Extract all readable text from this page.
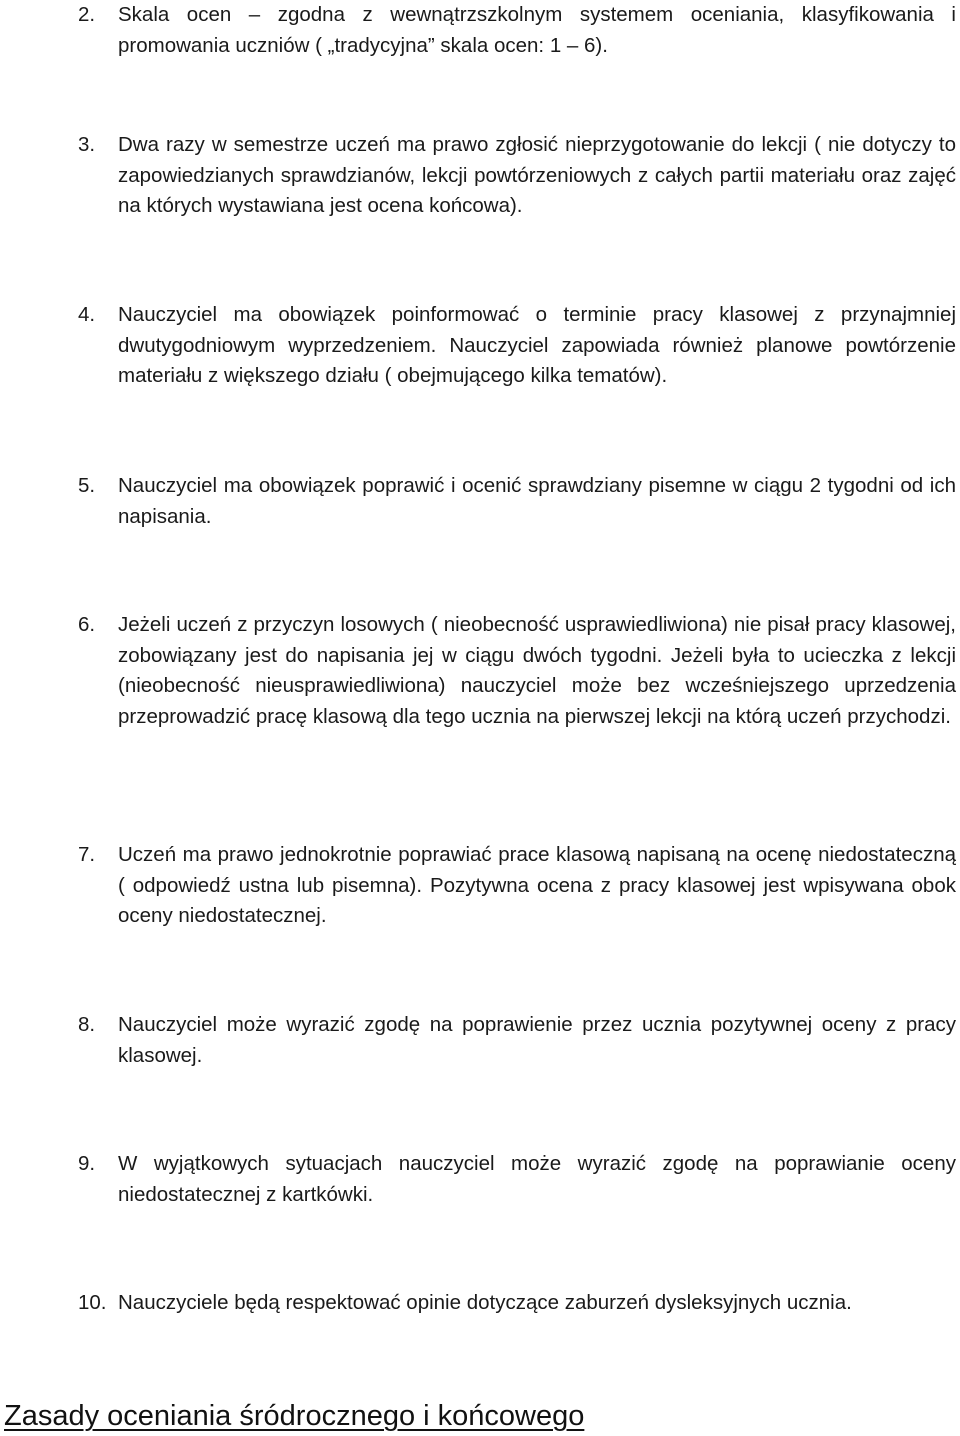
2.	Skala ocen – zgodna z wewnątrzszkolnym systemem oceniania, klasyfikowania i promowania uczniów ( „tradycyjna” skala ocen: 1 – 6).
3.	Dwa razy w semestrze uczeń ma prawo zgłosić nieprzygotowanie do lekcji ( nie dotyczy to zapowiedzianych sprawdzianów, lekcji powtórzeniowych z całych partii materiału oraz zajęć na których wystawiana jest ocena końcowa).
4.	Nauczyciel ma obowiązek poinformować o terminie pracy klasowej z przynajmniej dwutygodniowym wyprzedzeniem. Nauczyciel zapowiada również planowe powtórzenie materiału z większego działu ( obejmującego kilka tematów).
5.	Nauczyciel ma obowiązek poprawić i ocenić sprawdziany pisemne w ciągu 2 tygodni od ich napisania.
6.	Jeżeli uczeń z przyczyn losowych ( nieobecność usprawiedliwiona) nie pisał pracy klasowej, zobowiązany jest do napisania jej w ciągu dwóch tygodni. Jeżeli była to ucieczka z lekcji (nieobecność nieusprawiedliwiona) nauczyciel może bez wcześniejszego uprzedzenia przeprowadzić pracę klasową dla tego ucznia na pierwszej lekcji na którą uczeń przychodzi.
7.	Uczeń ma prawo jednokrotnie poprawiać prace klasową napisaną na ocenę niedostateczną ( odpowiedź ustna lub pisemna). Pozytywna ocena z pracy klasowej jest wpisywana obok oceny niedostatecznej.
8.	Nauczyciel może wyrazić zgodę na poprawienie przez ucznia pozytywnej oceny z pracy klasowej.
9.	W wyjątkowych sytuacjach nauczyciel może wyrazić zgodę na poprawianie oceny niedostatecznej z kartkówki.
10. Nauczyciele będą respektować opinie dotyczące zaburzeń dysleksyjnych ucznia.
Zasady oceniania śródrocznego i końcowego
